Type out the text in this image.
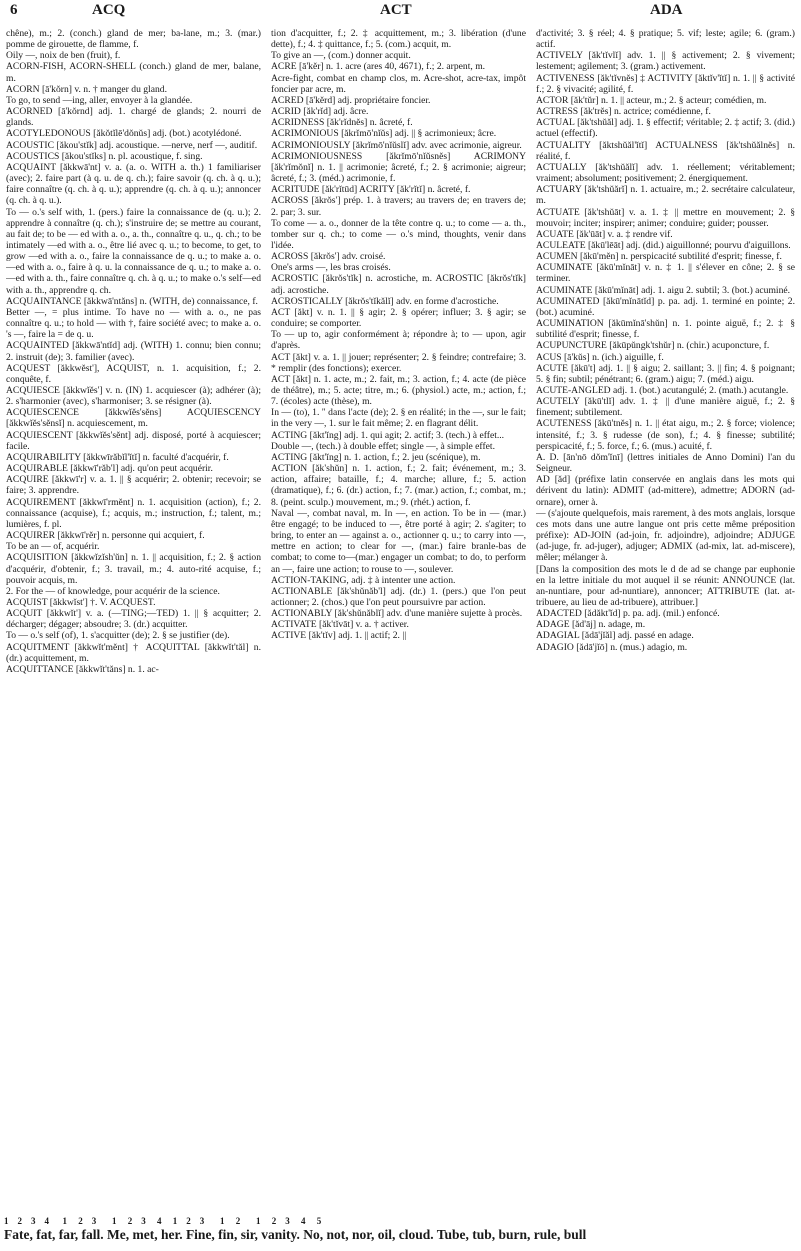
6	ACQ	ACT	ADA

chêne), m.; 2. (conch.) gland de mer; ba-lane, m.; 3. (mar.) pomme de girouette, de flamme, f.

Oily —, noix de ben (fruit), f.

ACORN-FISH, ACORN-SHELL (conch.) gland de mer, balane, m.

ACORN [ā'kŏrn] v. n. † manger du gland.

To go, to send —ing, aller, envoyer à la glandée.

ACORNED [ā'kŏrnd] adj. 1. chargé de glands; 2. nourri de glands.

ACOTYLEDONOUS [ăkŏtĭlē'dŏnŭs] adj. (bot.) acotylédoné.

ACOUSTIC [ăkou'stĭk] adj. acoustique. —nerve, nerf —, auditif.

ACOUSTICS [ăkou'stĭks] n. pl. acoustique, f. sing.

ACQUAINT [ăkkwā'nt] v. a. (a. o. WITH a. th.) 1 familiariser (avec); 2. faire part (à q. u. de q. ch.); faire savoir (q. ch. à q. u.); faire connaître (q. ch. à q. u.); apprendre (q. ch. à q. u.); annoncer (q. ch. à q. u.).

To — o.'s self with, 1. (pers.) faire la connaissance de (q. u.); 2. apprendre à connaître (q. ch.); s'instruire de; se mettre au courant, au fait de; to be — ed with a. o., a. th., connaître q. u., q. ch.; to be intimately —ed with a. o., être lié avec q. u.; to become, to get, to grow —ed with a. o., faire la connaissance de q. u.; to make a. o. —ed with a. o., faire à q. u. la connaissance de q. u.; to make a. o. —ed with a. th., faire connaître q. ch. à q. u.; to make o.'s self—ed with a. th., apprendre q. ch.

ACQUAINTANCE [ăkkwā'ntăns] n. (WITH, de) connaissance, f.

Better —, = plus intime. To have no — with a. o., ne pas connaître q. u.; to hold — with †, faire société avec; to make a. o. 's —, faire la = de q. u.

ACQUAINTED [ăkkwā'ntĭd] adj. (WITH) 1. connu; bien connu; 2. instruit (de); 3. familier (avec).

ACQUEST [ăkkwĕst'], ACQUIST, n. 1. acquisition, f.; 2. conquête, f.

ACQUIESCE [ăkkwĭĕs'] v. n. (IN) 1. acquiescer (à); adhérer (à); 2. s'harmonier (avec), s'harmoniser; 3. se résigner (à).

ACQUIESCENCE [ăkkwĭĕs'sĕns] ACQUIESCENCY [ăkkwĭĕs'sĕnsĭ] n. acquiescement, m.

ACQUIESCENT [ăkkwĭĕs'sĕnt] adj. disposé, porté à acquiescer; facile.

ACQUIRABILITY [ăkkwīrăbĭl'ĭtĭ] n. faculté d'acquérir, f.

ACQUIRABLE [ăkkwī'răb'l] adj. qu'on peut acquérir.

ACQUIRE [ăkkwī'r] v. a. 1. || § acquérir; 2. obtenir; recevoir; se faire; 3. apprendre.

ACQUIREMENT [ăkkwī'rmĕnt] n. 1. acquisition (action), f.; 2. connaissance (acquise), f.; acquis, m.; instruction, f.; talent, m.; lumières, f. pl.

ACQUIRER [ăkkwī'rĕr] n. personne qui acquiert, f.

To be an — of, acquérir.

ACQUISITION [ăkkwĭzĭsh'ŭn] n. 1. || acquisition, f.; 2. § action d'acquérir, d'obtenir, f.; 3. travail, m.; 4. auto-rité acquise, f.; pouvoir acquis, m.

2. For the — of knowledge, pour acquérir de la science.

ACQUIST [ăkkwĭst'] †. V. ACQUEST.

ACQUIT [ăkkwĭt'] v. a. (—TING;—TED) 1. || § acquitter; 2. décharger; dégager; absoudre; 3. (dr.) acquitter.

To — o.'s self (of), 1. s'acquitter (de); 2. § se justifier (de).

ACQUITMENT [ăkkwĭt'mĕnt] † ACQUITTAL [ăkkwĭt'tăl] n. (dr.) acquittement, m.

ACQUITTANCE [ăkkwĭt'tăns] n. 1. ac-

tion d'acquitter, f.; 2. ‡ acquittement, m.; 3. libération (d'une dette), f.; 4. ‡ quittance, f.; 5. (com.) acquit, m.

To give an —, (com.) donner acquit.

ACRE [ā'kĕr] n. 1. acre (ares 40, 4671), f.; 2. arpent, m.

Acre-fight, combat en champ clos, m. Acre-shot, acre-tax, impôt foncier par acre, m.

ACRED [ā'kĕrd] adj. propriétaire foncier.

ACRID [ăk'rĭd] adj. âcre.

ACRIDNESS [ăk'rĭdnĕs] n. âcreté, f.

ACRIMONIOUS [ăkrĭmō'nĭŭs] adj. || § acrimonieux; âcre.

ACRIMONIOUSLY [ăkrĭmō'nĭŭslĭ] adv. avec acrimonie, aigreur.

ACRIMONIOUSNESS [ăkrĭmō'nĭŭsnĕs] ACRIMONY [ăk'rĭmŏnĭ] n. 1. || acrimonie; âcreté, f.; 2. § acrimonie; aigreur; âcreté, f.; 3. (méd.) acrimonie, f.

ACRITUDE [ăk'rĭtūd] ACRITY [ăk'rĭtĭ] n. âcreté, f.

ACROSS [ăkrŏs'] prép. 1. à travers; au travers de; en travers de; 2. par; 3. sur.

To come — a. o., donner de la tête contre q. u.; to come — a. th., tomber sur q. ch.; to come — o.'s mind, thoughts, venir dans l'idée.

ACROSS [ăkrŏs'] adv. croisé.

One's arms —, les bras croisés.

ACROSTIC [ăkrŏs'tĭk] n. acrostiche, m. ACROSTIC [ăkrŏs'tĭk] adj. acrostiche.

ACROSTICALLY [ăkrŏs'tĭkălĭ] adv. en forme d'acrostiche.

ACT [ăkt] v. n. 1. || § agir; 2. § opérer; influer; 3. § agir; se conduire; se comporter.

To — up to, agir conformément à; répondre à; to — upon, agir d'après.

ACT [ăkt] v. a. 1. || jouer; représenter; 2. § feindre; contrefaire; 3. * remplir (des fonctions); exercer.

ACT [ăkt] n. 1. acte, m.; 2. fait, m.; 3. action, f.; 4. acte (de pièce de théâtre), m.; 5. acte; titre, m.; 6. (physiol.) acte, m.; action, f.; 7. (écoles) acte (thèse), m.

In — (to), 1. " dans l'acte (de); 2. § en réalité; in the —, sur le fait; in the very —, 1. sur le fait même; 2. en flagrant délit.

ACTING [ăkt'ĭng] adj. 1. qui agit; 2. actif; 3. (tech.) à effet...

Double —, (tech.) à double effet; single —, à simple effet.

ACTING [ăkt'ĭng] n. 1. action, f.; 2. jeu (scénique), m.

ACTION [ăk'shŭn] n. 1. action, f.; 2. fait; événement, m.; 3. action, affaire; bataille, f.; 4. marche; allure, f.; 5. action (dramatique), f.; 6. (dr.) action, f.; 7. (mar.) action, f.; combat, m.; 8. (peint. sculp.) mouvement, m.; 9. (rhét.) action, f.

Naval —, combat naval, m. In —, en action. To be in — (mar.) être engagé; to be induced to —, être porté à agir; 2. s'agiter; to bring, to enter an — against a. o., actionner q. u.; to carry into —, mettre en action; to clear for —, (mar.) faire branle-bas de combat; to come to—(mar.) engager un combat; to do, to perform an —, faire une action; to rouse to —, soulever.

ACTION-TAKING, adj. ‡ à intenter une action.

ACTIONABLE [ăk'shŭnăb'l] adj. (dr.) 1. (pers.) que l'on peut actionner; 2. (chos.) que l'on peut poursuivre par action.

ACTIONABLY [ăk'shŭnăblĭ] adv. d'une manière sujette à procès.

ACTIVATE [ăk'tĭvāt] v. a. † activer.

ACTIVE [ăk'tĭv] adj. 1. || actif; 2. ||

d'activité; 3. § réel; 4. § pratique; 5. vif; leste; agile; 6. (gram.) actif.

ACTIVELY [ăk'tĭvlĭ] adv. 1. || § activement; 2. § vivement; lestement; agilement; 3. (gram.) activement.

ACTIVENESS [ăk'tĭvnĕs] ‡ ACTIVITY [ăktĭv'ĭtĭ] n. 1. || § activité f.; 2. § vivacité; agilité, f.

ACTOR [ăk'tŭr] n. 1. || acteur, m.; 2. § acteur; comédien, m.

ACTRESS [ăk'trĕs] n. actrice; comédienne, f.

ACTUAL [ăk'tshŭăl] adj. 1. § effectif; véritable; 2. ‡ actif; 3. (did.) actuel (effectif).

ACTUALITY [ăktshŭăl'ĭtĭ] ACTUALNESS [ăk'tshŭălnĕs] n. réalité, f.

ACTUALLY [ăk'tshŭălĭ] adv. 1. réellement; véritablement; vraiment; absolument; positivement; 2. énergiquement.

ACTUARY [ăk'tshŭărĭ] n. 1. actuaire, m.; 2. secrétaire calculateur, m.

ACTUATE [ăk'tshŭāt] v. a. 1. ‡ || mettre en mouvement; 2. § mouvoir; inciter; inspirer; animer; conduire; guider; pousser.

ACUATE [ăk'ūāt] v. a. ‡ rendre vif.

ACULEATE [ăkū'lēāt] adj. (did.) aiguillonné; pourvu d'aiguillons.

ACUMEN [ăkū'mĕn] n. perspicacité subtilité d'esprit; finesse, f.

ACUMINATE [ăkū'mĭnāt] v. n. ‡ 1. || s'élever en cône; 2. § se terminer.

ACUMINATE [ăkū'mĭnāt] adj. 1. aigu 2. subtil; 3. (bot.) acuminé.

ACUMINATED [ăkū'mĭnātĭd] p. pa. adj. 1. terminé en pointe; 2. (bot.) acuminé.

ACUMINATION [ăkūmĭnā'shŭn] n. 1. pointe aiguë, f.; 2. ‡ § subtilité d'esprit; finesse, f.

ACUPUNCTURE [ăkūpŭngk'tshŭr] n. (chir.) acuponcture, f.

ACUS [ā'kŭs] n. (ich.) aiguille, f.

ACUTE [ăkū't] adj. 1. || § aigu; 2. saillant; 3. || fin; 4. § poignant; 5. § fin; subtil; pénétrant; 6. (gram.) aigu; 7. (méd.) aigu.

ACUTE-ANGLED adj. 1. (bot.) acutangulé; 2. (math.) acutangle.

ACUTELY [ăkū'tlĭ] adv. 1. ‡ || d'une manière aiguë, f.; 2. § finement; subtilement.

ACUTENESS [ăkū'tnĕs] n. 1. || état aigu, m.; 2. § force; violence; intensité, f.; 3. § rudesse (de son), f.; 4. § finesse; subtilité; perspicacité, f.; 5. force, f.; 6. (mus.) acuité, f.

A. D. [ān'nō dŏm'ĭnī] (lettres initiales de Anno Domini) l'an du Seigneur.

AD [ăd] (préfixe latin conservée en anglais dans les mots qui dérivent du latin): ADMIT (ad-mittere), admettre; ADORN (ad-ornare), orner à.

— (s'ajoute quelquefois, mais rarement, à des mots anglais, lorsque ces mots dans une autre langue ont pris cette même préposition préfixe): AD-JOIN (ad-join, fr. adjoindre), adjoindre; ADJUGE (ad-juge, fr. ad-juger), adjuger; ADMIX (ad-mix, lat. ad-miscere), mêler; mélanger à.

[Dans la composition des mots le d de ad se change par euphonie en la lettre initiale du mot auquel il se réunit: ANNOUNCE (lat. an-nuntiare, pour ad-nuntiare), annoncer; ATTRIBUTE (lat. at-tribuere, au lieu de ad-tribuere), attribuer.]

ADACTED [ădăkt'ĭd] p. pa. adj. (mil.) enfoncé.

ADAGE [ăd'āj] n. adage, m.

ADAGIAL [ădā'jĭăl] adj. passé en adage.

ADAGIO [ădā'jĭō] n. (mus.) adagio, m.

1    2    3    4      1     2    3       1     2    3     4     1    2    3       1     2       1     2    3     4     5
Fate, fat, far, fall. Me, met, her. Fine, fin, sir, vanity. No, not, nor, oil, cloud. Tube, tub, burn, rule, bull
